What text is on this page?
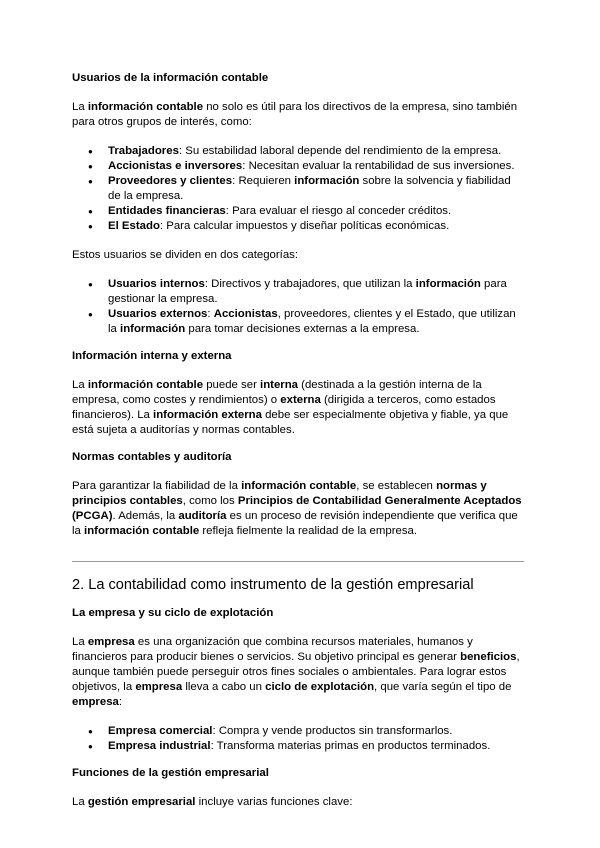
Usuarios de la información contable

La información contable no solo es útil para los directivos de la empresa, sino también para otros grupos de interés, como:

● Trabajadores: Su estabilidad laboral depende del rendimiento de la empresa.
● Accionistas e inversores: Necesitan evaluar la rentabilidad de sus inversiones.
● Proveedores y clientes: Requieren información sobre la solvencia y fiabilidad de la empresa.
● Entidades financieras: Para evaluar el riesgo al conceder créditos.
● El Estado: Para calcular impuestos y diseñar políticas económicas.

Estos usuarios se dividen en dos categorías:

● Usuarios internos: Directivos y trabajadores, que utilizan la información para gestionar la empresa.
● Usuarios externos: Accionistas, proveedores, clientes y el Estado, que utilizan la información para tomar decisiones externas a la empresa.
Información interna y externa

La información contable puede ser interna (destinada a la gestión interna de la empresa, como costes y rendimientos) o externa (dirigida a terceros, como estados financieros). La información externa debe ser especialmente objetiva y fiable, ya que está sujeta a auditorías y normas contables.

Normas contables y auditoría

Para garantizar la fiabilidad de la información contable, se establecen normas y principios contables, como los Principios de Contabilidad Generalmente Aceptados (PCGA). Además, la auditoría es un proceso de revisión independiente que verifica que la información contable refleja fielmente la realidad de la empresa.

2. La contabilidad como instrumento de la gestión empresarial
La empresa y su ciclo de explotación

La empresa es una organización que combina recursos materiales, humanos y financieros para producir bienes o servicios. Su objetivo principal es generar beneficios, aunque también puede perseguir otros fines sociales o ambientales. Para lograr estos objetivos, la empresa lleva a cabo un ciclo de explotación, que varía según el tipo de empresa:

● Empresa comercial: Compra y vende productos sin transformarlos.
● Empresa industrial: Transforma materias primas en productos terminados.
Funciones de la gestión empresarial

La gestión empresarial incluye varias funciones clave:
